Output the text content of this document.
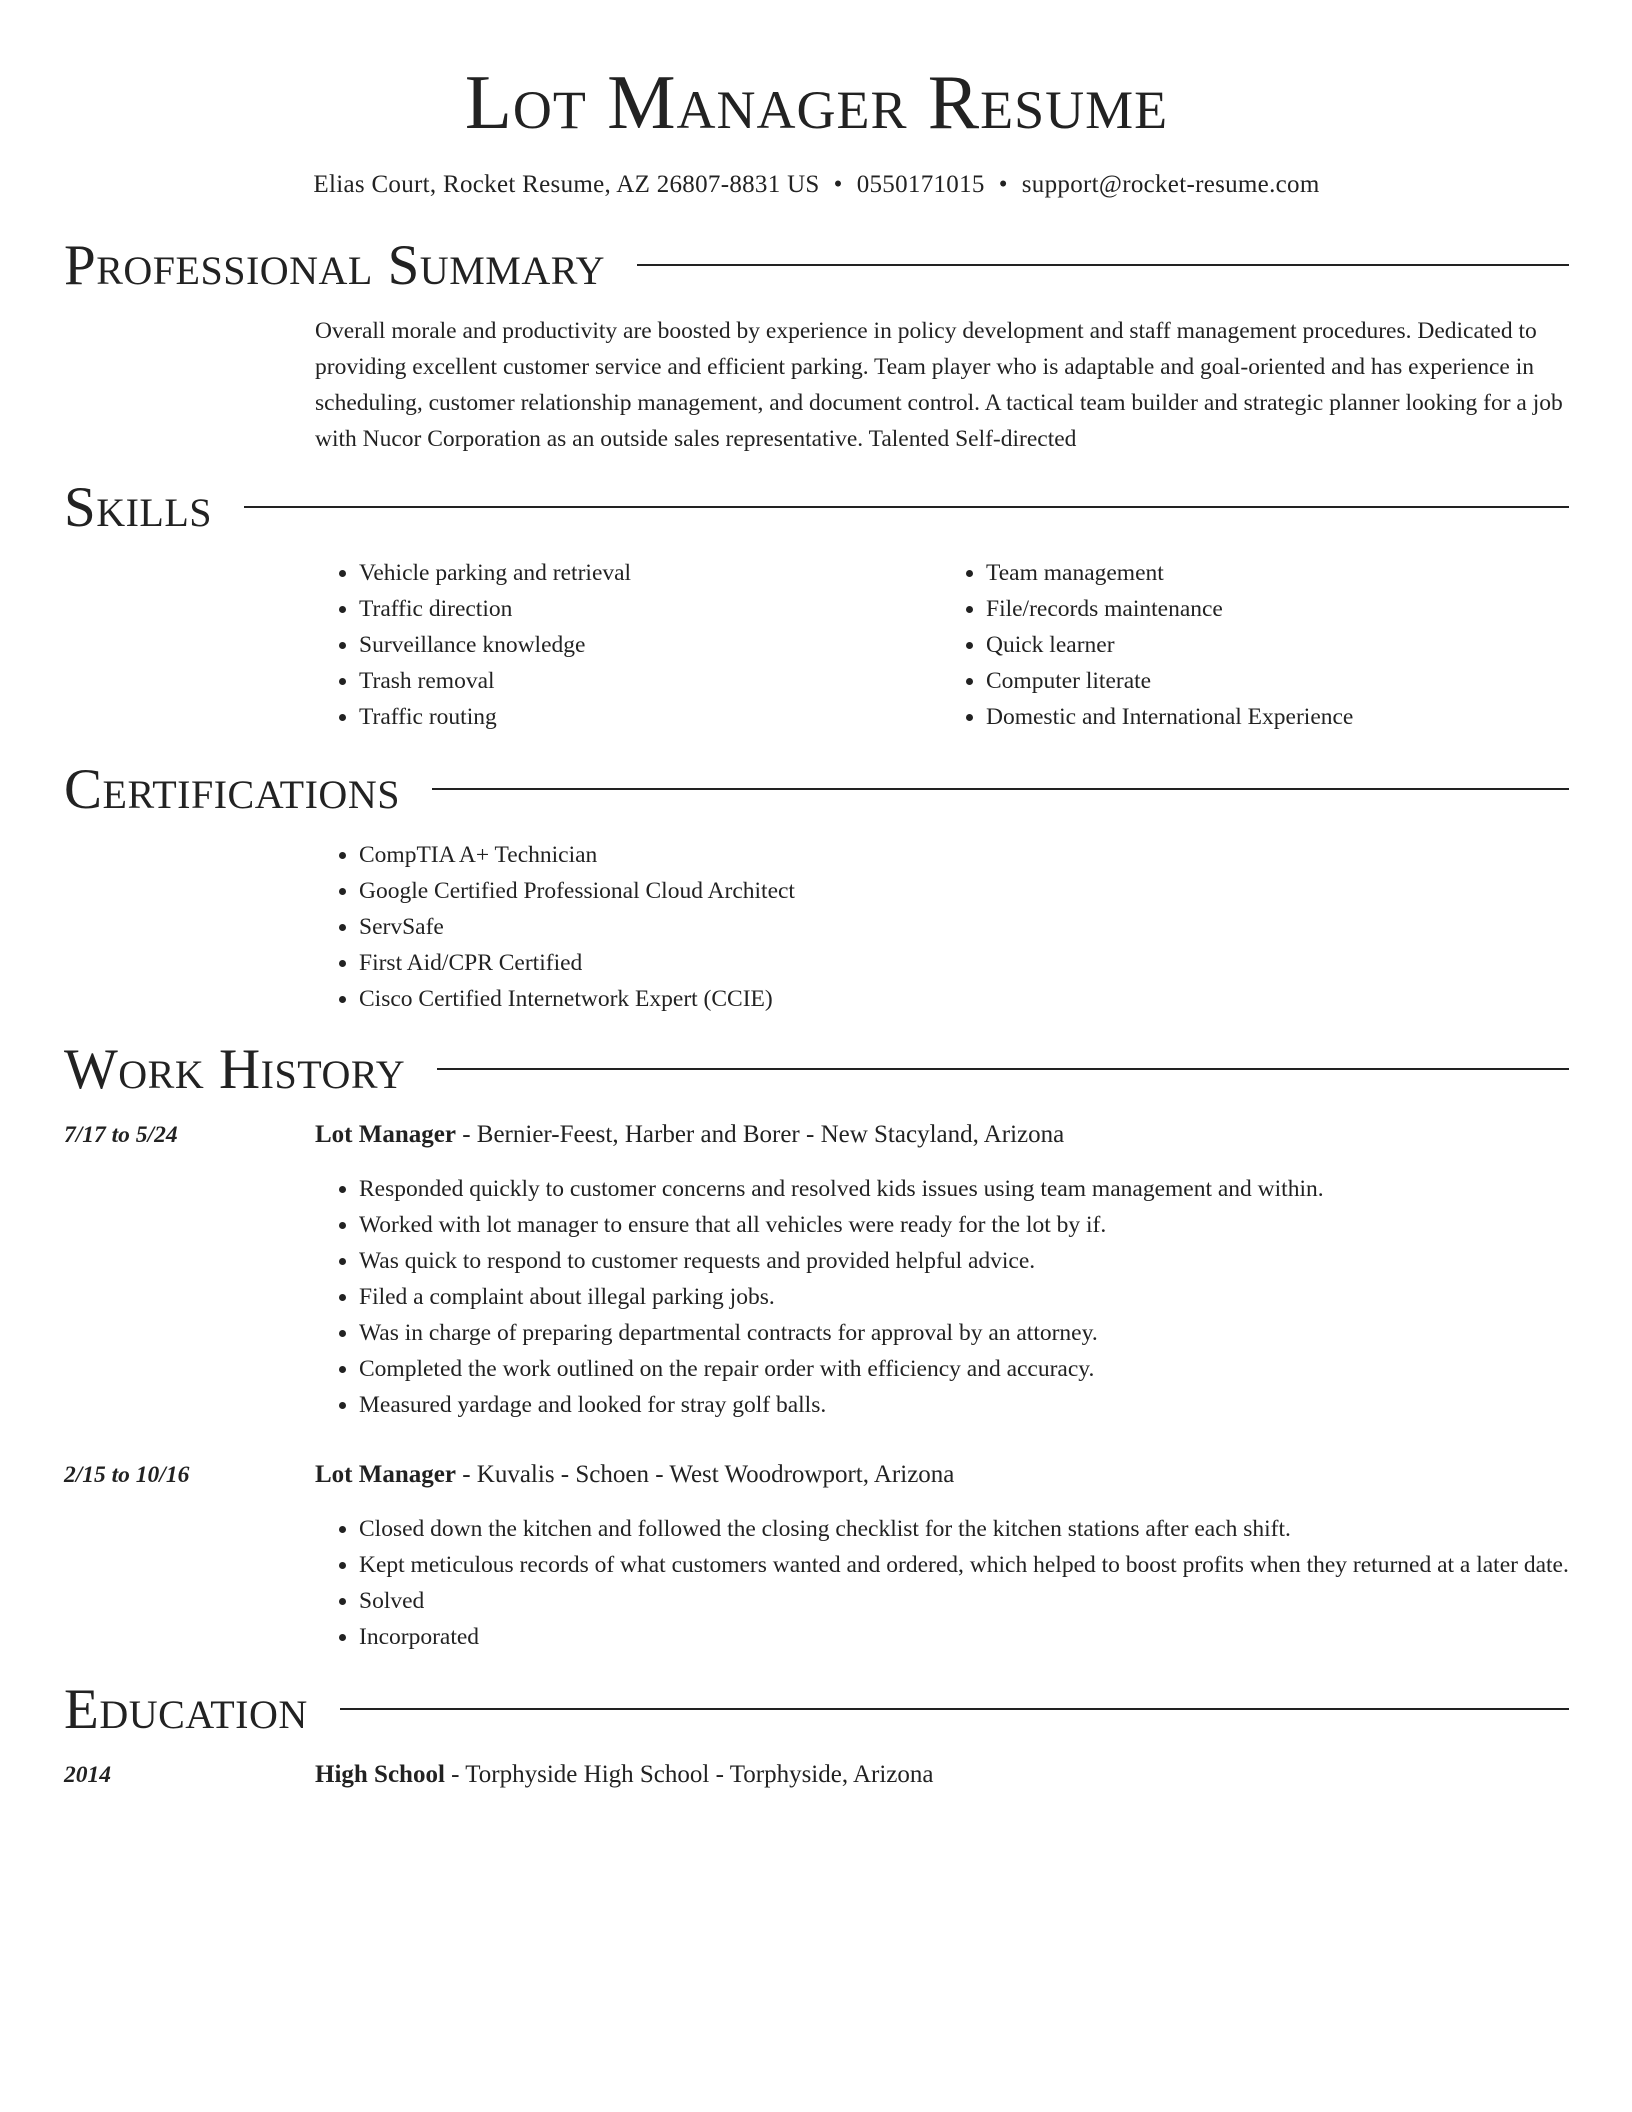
Lot Manager Resume
Elias Court, Rocket Resume, AZ 26807-8831 US • 0550171015 • support@rocket-resume.com
Professional Summary
Overall morale and productivity are boosted by experience in policy development and staff management procedures. Dedicated to providing excellent customer service and efficient parking. Team player who is adaptable and goal-oriented and has experience in scheduling, customer relationship management, and document control. A tactical team builder and strategic planner looking for a job with Nucor Corporation as an outside sales representative. Talented Self-directed
Skills
• Vehicle parking and retrieval
• Traffic direction
• Surveillance knowledge
• Trash removal
• Traffic routing
• Team management
• File/records maintenance
• Quick learner
• Computer literate
• Domestic and International Experience
Certifications
• CompTIA A+ Technician
• Google Certified Professional Cloud Architect
• ServSafe
• First Aid/CPR Certified
• Cisco Certified Internetwork Expert (CCIE)
Work History
7/17 to 5/24	Lot Manager - Bernier-Feest, Harber and Borer - New Stacyland, Arizona
• Responded quickly to customer concerns and resolved kids issues using team management and within.
• Worked with lot manager to ensure that all vehicles were ready for the lot by if.
• Was quick to respond to customer requests and provided helpful advice.
• Filed a complaint about illegal parking jobs.
• Was in charge of preparing departmental contracts for approval by an attorney.
• Completed the work outlined on the repair order with efficiency and accuracy.
• Measured yardage and looked for stray golf balls.
2/15 to 10/16	Lot Manager - Kuvalis - Schoen - West Woodrowport, Arizona
• Closed down the kitchen and followed the closing checklist for the kitchen stations after each shift.
• Kept meticulous records of what customers wanted and ordered, which helped to boost profits when they returned at a later date.
• Solved
• Incorporated
Education
2014	High School - Torphyside High School - Torphyside, Arizona
